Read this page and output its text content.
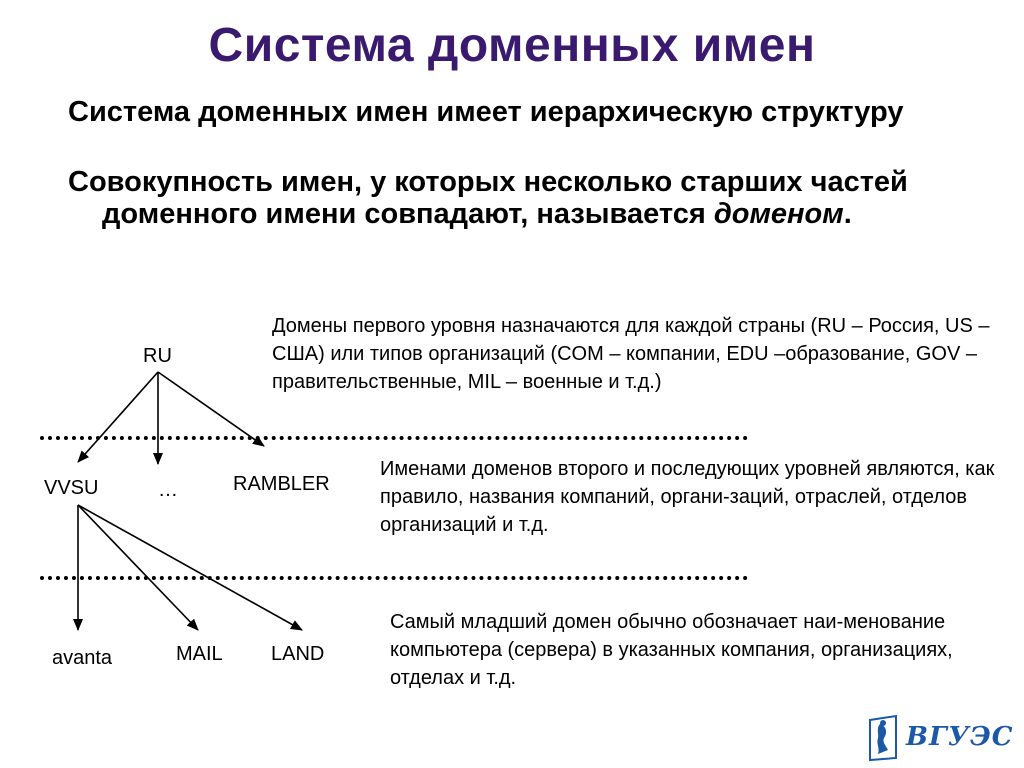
Система доменных имен
Система доменных имен имеет иерархическую структуру
Совокупность имен, у которых несколько старших частей доменного имени совпадают, называется доменом.
Домены первого уровня назначаются для каждой страны (RU – Россия, US – США) или типов организаций (COM – компании, EDU –образование, GOV – правительственные, MIL – военные и т.д.)
Именами доменов второго и последующих уровней являются, как правило, названия компаний, органи-заций, отраслей, отделов организаций и т.д.
Самый младший домен обычно обозначает наи-менование компьютера (сервера) в указанных компания, организациях, отделах и т.д.
RU
VVSU	…	RAMBLER
avanta	MAIL LAND
ВГУЭС
